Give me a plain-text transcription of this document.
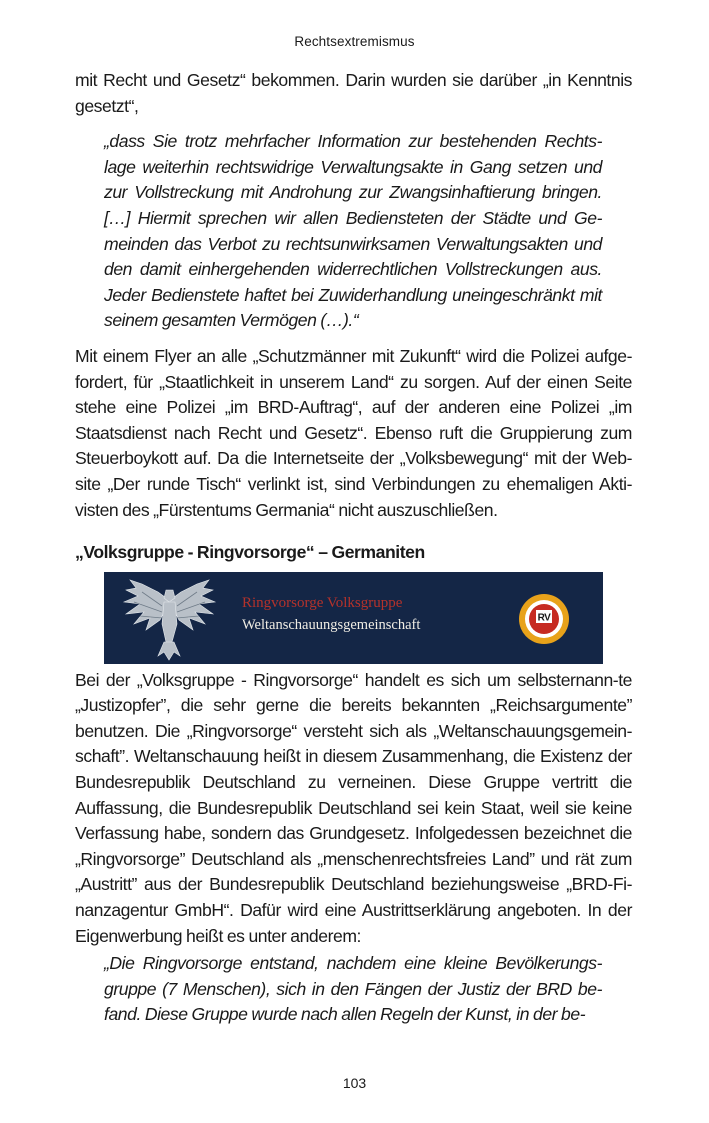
Rechtsextremismus

mit Recht und Gesetz“ bekommen. Darin wurden sie darüber „in Kenntnis gesetzt“,

„dass Sie trotz mehrfacher Information zur bestehenden Rechts-lage weiterhin rechtswidrige Verwaltungsakte in Gang setzen und zur Vollstreckung mit Androhung zur Zwangsinhaftierung bringen. […] Hiermit sprechen wir allen Bediensteten der Städte und Ge-meinden das Verbot zu rechtsunwirksamen Verwaltungsakten und den damit einhergehenden widerrechtlichen Vollstreckungen aus. Jeder Bedienstete haftet bei Zuwiderhandlung uneingeschränkt mit seinem gesamten Vermögen (…).“

Mit einem Flyer an alle „Schutzmänner mit Zukunft“ wird die Polizei aufge-fordert, für „Staatlichkeit in unserem Land“ zu sorgen. Auf der einen Seite stehe eine Polizei „im BRD-Auftrag“, auf der anderen eine Polizei „im Staatsdienst nach Recht und Gesetz“. Ebenso ruft die Gruppierung zum Steuerboykott auf. Da die Internetseite der „Volksbewegung“ mit der Web-site „Der runde Tisch“ verlinkt ist, sind Verbindungen zu ehemaligen Akti-visten des „Fürstentums Germania“ nicht auszuschließen.

„Volksgruppe - Ringvorsorge“ – Germaniten

Ringvorsorge Volksgruppe
Weltanschauungsgemeinschaft	RV

Bei der „Volksgruppe - Ringvorsorge“ handelt es sich um selbsternann-te „Justizopfer”, die sehr gerne die bereits bekannten „Reichsargumente” benutzen. Die „Ringvorsorge“ versteht sich als „Weltanschauungsgemein-schaft”. Weltanschauung heißt in diesem Zusammenhang, die Existenz der Bundesrepublik Deutschland zu verneinen. Diese Gruppe vertritt die Auffassung, die Bundesrepublik Deutschland sei kein Staat, weil sie keine Verfassung habe, sondern das Grundgesetz. Infolgedessen bezeichnet die „Ringvorsorge” Deutschland als „menschenrechtsfreies Land” und rät zum „Austritt” aus der Bundesrepublik Deutschland beziehungsweise „BRD-Fi-nanzagentur GmbH“. Dafür wird eine Austrittserklärung angeboten. In der Eigenwerbung heißt es unter anderem:

„Die Ringvorsorge entstand, nachdem eine kleine Bevölkerungs-gruppe (7 Menschen), sich in den Fängen der Justiz der BRD be-fand. Diese Gruppe wurde nach allen Regeln der Kunst, in der be-

103
